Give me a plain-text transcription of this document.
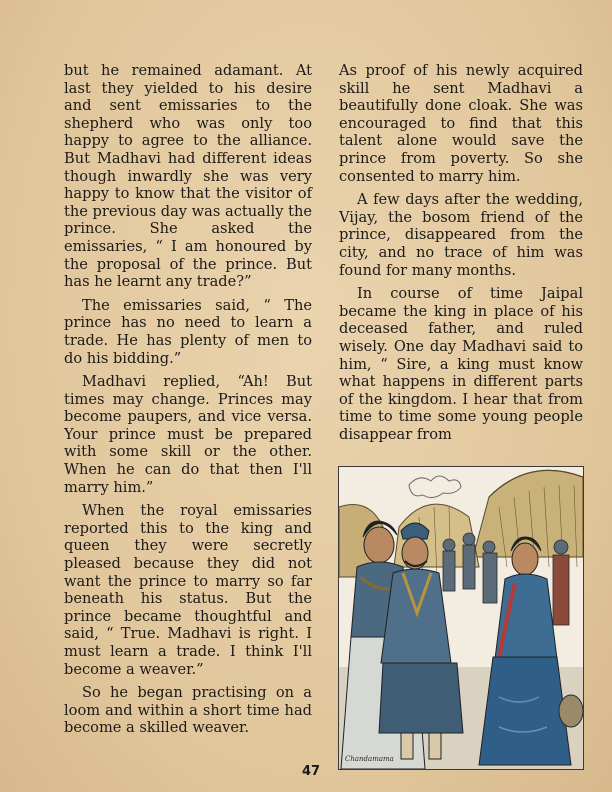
but he remained adamant. At last they yielded to his desire and sent emissaries to the shepherd who was only too happy to agree to the alliance. But Madhavi had different ideas though inwardly she was very happy to know that the visitor of the previous day was actually the prince. She asked the emissaries, “ I am honoured by the proposal of the prince. But has he learnt any trade?”

The emissaries said, “ The prince has no need to learn a trade. He has plenty of men to do his bidding.”

Madhavi replied, “Ah! But times may change. Princes may become paupers, and vice versa. Your prince must be prepared with some skill or the other. When he can do that then I'll marry him.”

When the royal emissaries reported this to the king and queen they were secretly pleased because they did not want the prince to marry so far beneath his status. But the prince became thoughtful and said, “ True. Madhavi is right. I must learn a trade. I think I'll become a weaver.”

So he began practising on a loom and within a short time had become a skilled weaver.

As proof of his newly acquired skill he sent Madhavi a beautifully done cloak. She was encouraged to find that this talent alone would save the prince from poverty. So she consented to marry him.

A few days after the wedding, Vijay, the bosom friend of the prince, disappeared from the city, and no trace of him was found for many months.

In course of time Jaipal became the king in place of his deceased father, and ruled wisely. One day Madhavi said to him, “ Sire, a king must know what happens in different parts of the kingdom. I hear that from time to time some young people disappear from

Chandamama
47
